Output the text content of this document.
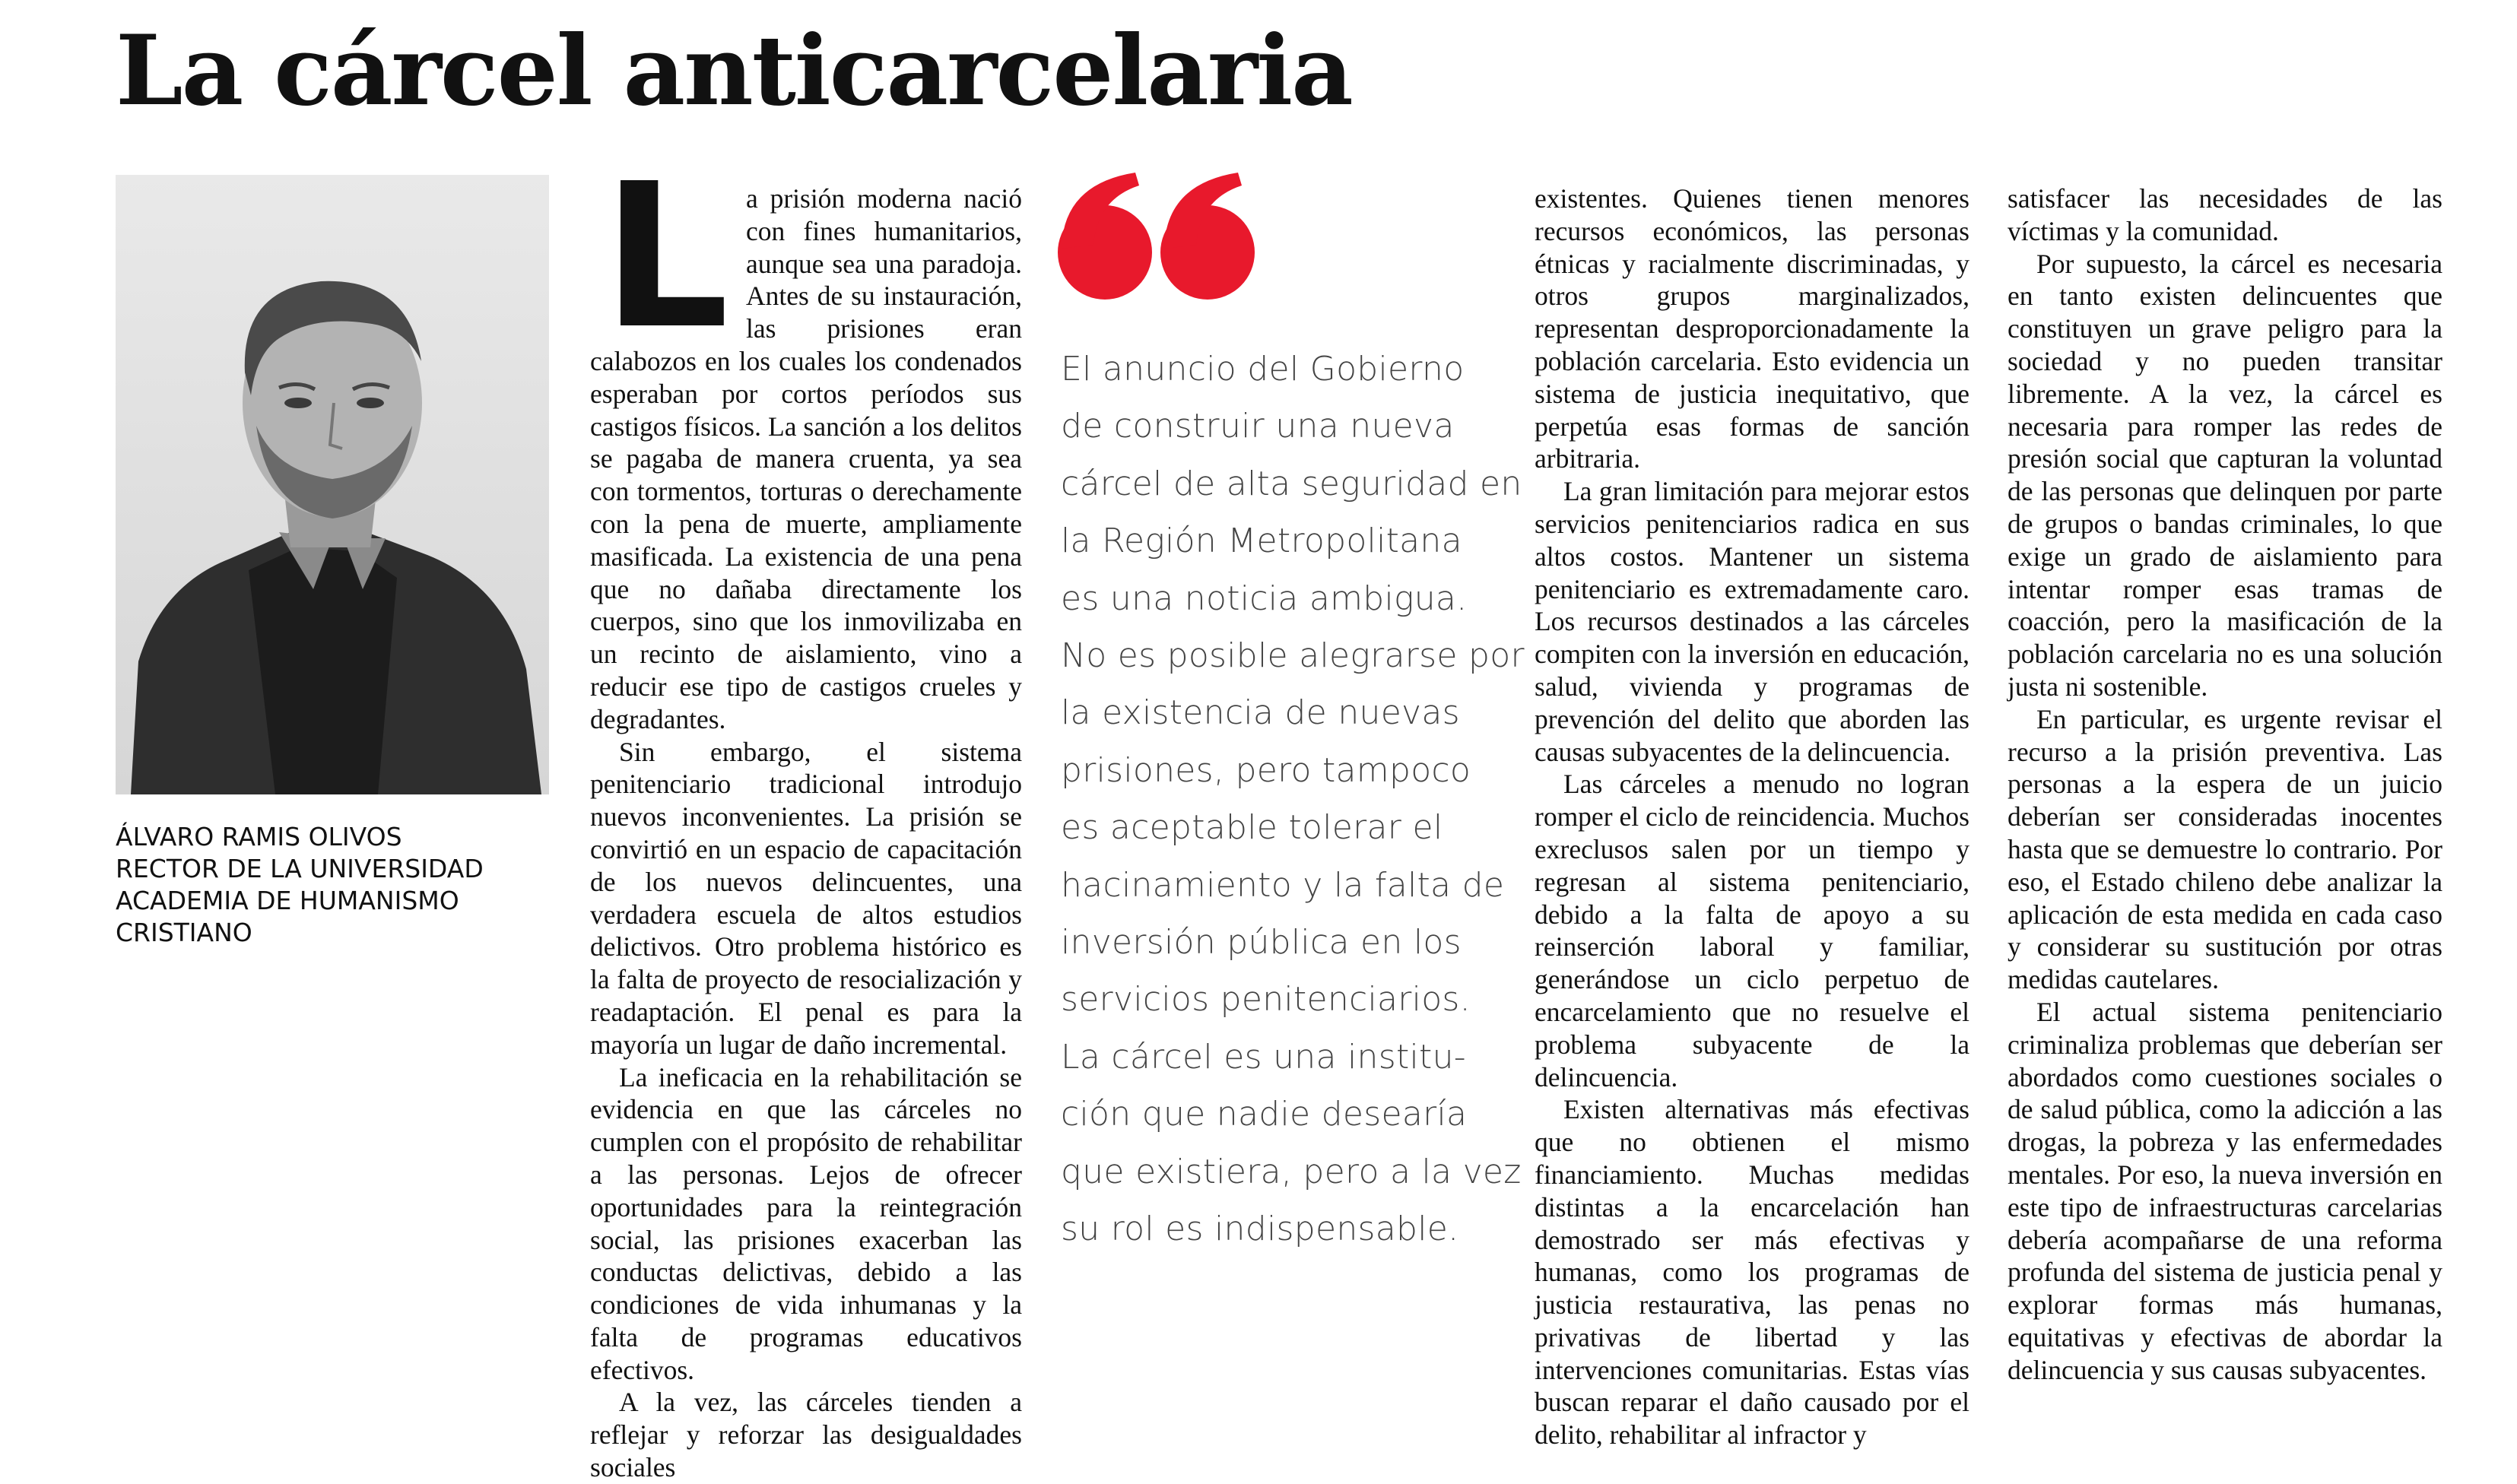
La cárcel anticarcelaria
ÁLVARO RAMIS OLIVOS
RECTOR DE LA UNIVERSIDAD
ACADEMIA DE HUMANISMO
CRISTIANO

La prisión moderna nació con fines humanitarios, aunque sea una paradoja. Antes de su instauración, las prisiones eran calabozos en los cuales los condenados esperaban por cortos períodos sus castigos físicos. La sanción a los delitos se pagaba de manera cruenta, ya sea con tormentos, torturas o derechamente con la pena de muerte, ampliamente masificada. La existencia de una pena que no dañaba directamente los cuerpos, sino que los inmovilizaba en un recinto de aislamiento, vino a reducir ese tipo de castigos crueles y degradantes.

Sin embargo, el sistema penitenciario tradicional introdujo nuevos inconvenientes. La prisión se convirtió en un espacio de capacitación de los nuevos delincuentes, una verdadera escuela de altos estudios delictivos. Otro problema histórico es la falta de proyecto de resocialización y readaptación. El penal es para la mayoría un lugar de daño incremental.

La ineficacia en la rehabilitación se evidencia en que las cárceles no cumplen con el propósito de rehabilitar a las personas. Lejos de ofrecer oportunidades para la reintegración social, las prisiones exacerban las conductas delictivas, debido a las condiciones de vida inhumanas y la falta de programas educativos efectivos.

A la vez, las cárceles tienden a reflejar y reforzar las desigualdades sociales

El anuncio del Gobierno
de construir una nueva
cárcel de alta seguridad en
la Región Metropolitana
es una noticia ambigua.
No es posible alegrarse por
la existencia de nuevas
prisiones, pero tampoco
es aceptable tolerar el
hacinamiento y la falta de
inversión pública en los
servicios penitenciarios.
La cárcel es una institu-
ción que nadie desearía
que existiera, pero a la vez
su rol es indispensable.

existentes. Quienes tienen menores recursos económicos, las personas étnicas y racialmente discriminadas, y otros grupos marginalizados, representan desproporcionadamente la población carcelaria. Esto evidencia un sistema de justicia inequitativo, que perpetúa esas formas de sanción arbitraria.

La gran limitación para mejorar estos servicios penitenciarios radica en sus altos costos. Mantener un sistema penitenciario es extremadamente caro. Los recursos destinados a las cárceles compiten con la inversión en educación, salud, vivienda y programas de prevención del delito que aborden las causas subyacentes de la delincuencia.

Las cárceles a menudo no logran romper el ciclo de reincidencia. Muchos exreclusos salen por un tiempo y regresan al sistema penitenciario, debido a la falta de apoyo a su reinserción laboral y familiar, generándose un ciclo perpetuo de encarcelamiento que no resuelve el problema subyacente de la delincuencia.

Existen alternativas más efectivas que no obtienen el mismo financiamiento. Muchas medidas distintas a la encarcelación han demostrado ser más efectivas y humanas, como los programas de justicia restaurativa, las penas no privativas de libertad y las intervenciones comunitarias. Estas vías buscan reparar el daño causado por el delito, rehabilitar al infractor y

satisfacer las necesidades de las víctimas y la comunidad.

Por supuesto, la cárcel es necesaria en tanto existen delincuentes que constituyen un grave peligro para la sociedad y no pueden transitar libremente. A la vez, la cárcel es necesaria para romper las redes de presión social que capturan la voluntad de las personas que delinquen por parte de grupos o bandas criminales, lo que exige un grado de aislamiento para intentar romper esas tramas de coacción, pero la masificación de la población carcelaria no es una solución justa ni sostenible.

En particular, es urgente revisar el recurso a la prisión preventiva. Las personas a la espera de un juicio deberían ser consideradas inocentes hasta que se demuestre lo contrario. Por eso, el Estado chileno debe analizar la aplicación de esta medida en cada caso y considerar su sustitución por otras medidas cautelares.

El actual sistema penitenciario criminaliza problemas que deberían ser abordados como cuestiones sociales o de salud pública, como la adicción a las drogas, la pobreza y las enfermedades mentales. Por eso, la nueva inversión en este tipo de infraestructuras carcelarias debería acompañarse de una reforma profunda del sistema de justicia penal y explorar formas más humanas, equitativas y efectivas de abordar la delincuencia y sus causas subyacentes.
